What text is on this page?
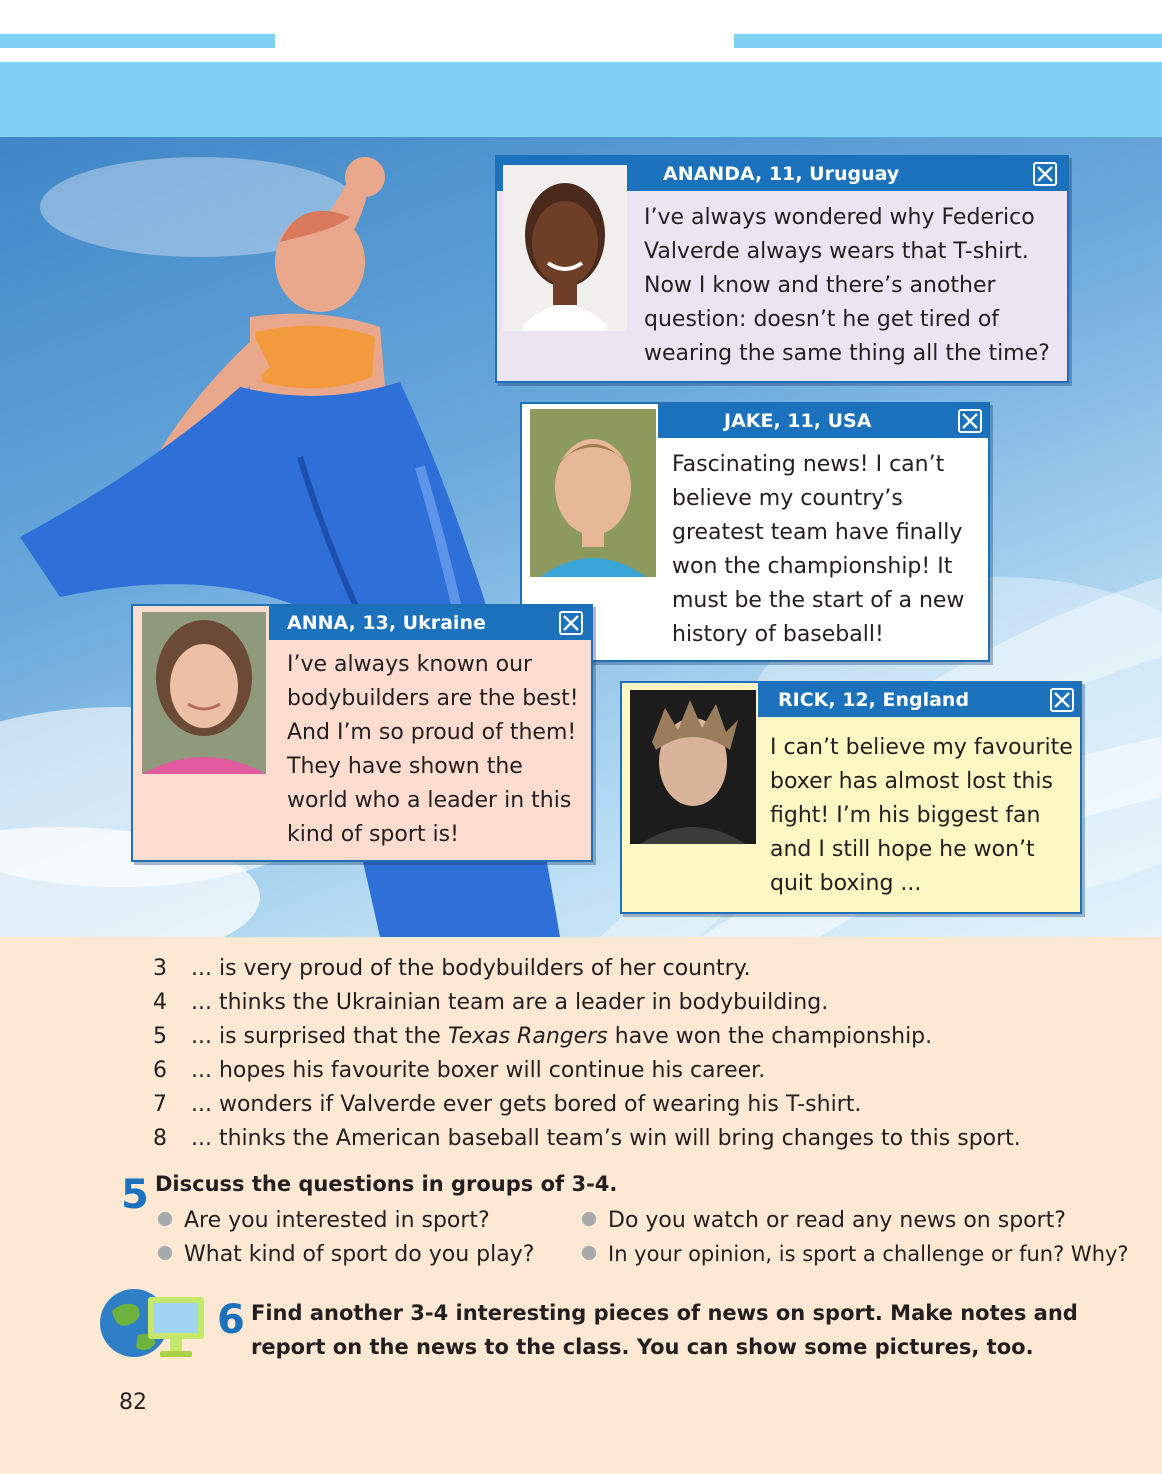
ANANDA, 11, Uruguay
I’ve always wondered why Federico
Valverde always wears that T-shirt.
Now I know and there’s another
question: doesn’t he get tired of
wearing the same thing all the time?
JAKE, 11, USA
Fascinating news! I can’t
believe my country’s
greatest team have finally
won the championship! It
must be the start of a new
history of baseball!
ANNA, 13, Ukraine
I’ve always known our
bodybuilders are the best!
And I’m so proud of them!
They have shown the
world who a leader in this
kind of sport is!
RICK, 12, England
I can’t believe my favourite
boxer has almost lost this
fight! I’m his biggest fan
and I still hope he won’t
quit boxing ...
3 ... is very proud of the bodybuilders of her country.
4 ... thinks the Ukrainian team are a leader in bodybuilding.
5 ... is surprised that the Texas Rangers have won the championship.
6 ... hopes his favourite boxer will continue his career.
7 ... wonders if Valverde ever gets bored of wearing his T-shirt.
8 ... thinks the American baseball team’s win will bring changes to this sport.
5 Discuss the questions in groups of 3-4.
Are you interested in sport?
What kind of sport do you play?
Do you watch or read any news on sport?
In your opinion, is sport a challenge or fun? Why?
6 Find another 3-4 interesting pieces of news on sport. Make notes and
report on the news to the class. You can show some pictures, too.
82
